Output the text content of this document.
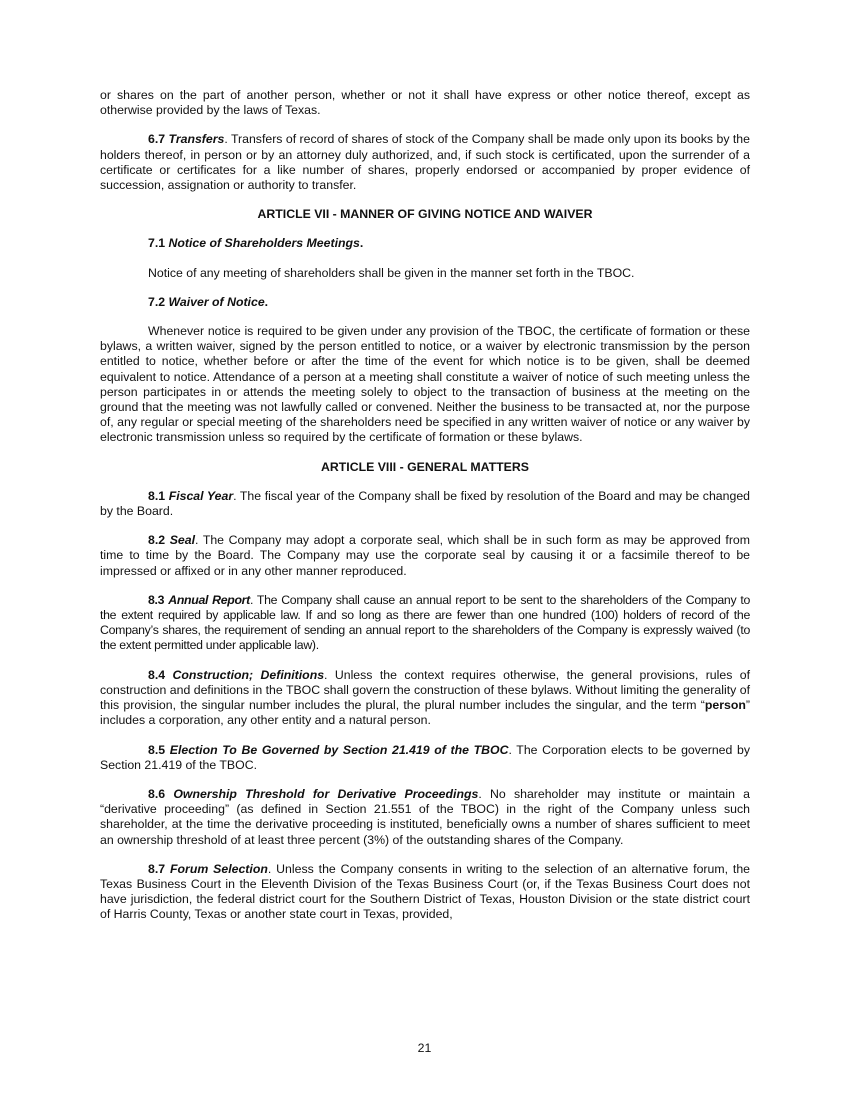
or shares on the part of another person, whether or not it shall have express or other notice thereof, except as otherwise provided by the laws of Texas.

6.7 Transfers. Transfers of record of shares of stock of the Company shall be made only upon its books by the holders thereof, in person or by an attorney duly authorized, and, if such stock is certificated, upon the surrender of a certificate or certificates for a like number of shares, properly endorsed or accompanied by proper evidence of succession, assignation or authority to transfer.

ARTICLE VII - MANNER OF GIVING NOTICE AND WAIVER
7.1 Notice of Shareholders Meetings.

Notice of any meeting of shareholders shall be given in the manner set forth in the TBOC.

7.2 Waiver of Notice.

Whenever notice is required to be given under any provision of the TBOC, the certificate of formation or these bylaws, a written waiver, signed by the person entitled to notice, or a waiver by electronic transmission by the person entitled to notice, whether before or after the time of the event for which notice is to be given, shall be deemed equivalent to notice. Attendance of a person at a meeting shall constitute a waiver of notice of such meeting unless the person participates in or attends the meeting solely to object to the transaction of business at the meeting on the ground that the meeting was not lawfully called or convened. Neither the business to be transacted at, nor the purpose of, any regular or special meeting of the shareholders need be specified in any written waiver of notice or any waiver by electronic transmission unless so required by the certificate of formation or these bylaws.

ARTICLE VIII - GENERAL MATTERS

8.1 Fiscal Year. The fiscal year of the Company shall be fixed by resolution of the Board and may be changed by the Board.

8.2 Seal. The Company may adopt a corporate seal, which shall be in such form as may be approved from time to time by the Board. The Company may use the corporate seal by causing it or a facsimile thereof to be impressed or affixed or in any other manner reproduced.

8.3 Annual Report. The Company shall cause an annual report to be sent to the shareholders of the Company to the extent required by applicable law. If and so long as there are fewer than one hundred (100) holders of record of the Company’s shares, the requirement of sending an annual report to the shareholders of the Company is expressly waived (to the extent permitted under applicable law).

8.4 Construction; Definitions. Unless the context requires otherwise, the general provisions, rules of construction and definitions in the TBOC shall govern the construction of these bylaws. Without limiting the generality of this provision, the singular number includes the plural, the plural number includes the singular, and the term “person” includes a corporation, any other entity and a natural person.

8.5 Election To Be Governed by Section 21.419 of the TBOC. The Corporation elects to be governed by Section 21.419 of the TBOC.

8.6 Ownership Threshold for Derivative Proceedings. No shareholder may institute or maintain a “derivative proceeding” (as defined in Section 21.551 of the TBOC) in the right of the Company unless such shareholder, at the time the derivative proceeding is instituted, beneficially owns a number of shares sufficient to meet an ownership threshold of at least three percent (3%) of the outstanding shares of the Company.

8.7 Forum Selection. Unless the Company consents in writing to the selection of an alternative forum, the Texas Business Court in the Eleventh Division of the Texas Business Court (or, if the Texas Business Court does not have jurisdiction, the federal district court for the Southern District of Texas, Houston Division or the state district court of Harris County, Texas or another state court in Texas, provided,

21
